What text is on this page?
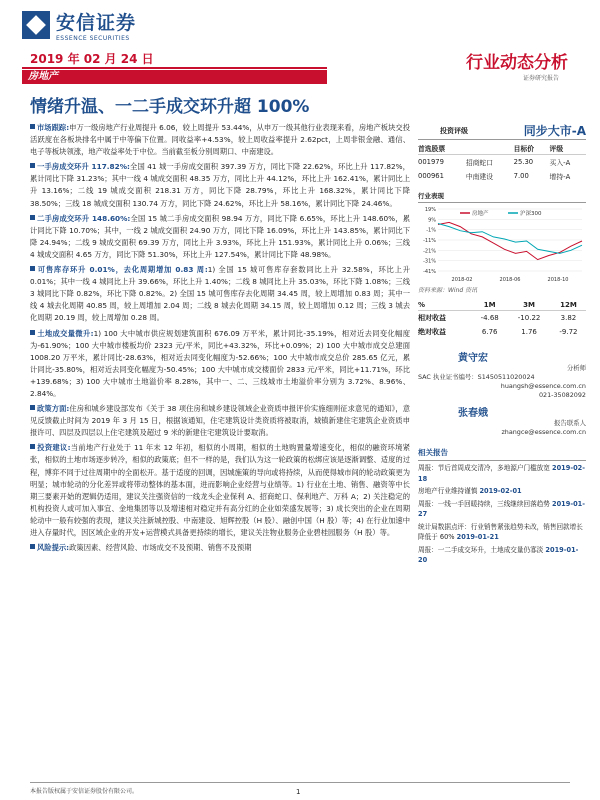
安信证券
ESSENCE SECURITIES
2019 年 02 月 24 日
房地产
行业动态分析
证券研究报告
情绪升温、一二手成交环升超 100%

市场跟踪:申万一级房地产行业周提升 6.06，较上周提升 53.44%，从申万一级其他行业表现来看，房地产板块交投活跃度在各板块排名中属于中等偏下位置。同收益率+4.53%，较上周收益率提升 2.62pct，上周非银金融、通信、电子等板块领涨，地产收益率处于中位。当前截至板分别周期口、中南建设。

一手房成交环升 117.82%:全国 41 城一手房成交面积 397.39 万方，同比下降 22.62%，环比上升 117.82%，累计同比下降 31.23%；其中一线 4 城成交面积 48.35 万方，同比上升 44.12%，环比上升 162.41%，累计同比上升 13.16%；二线 19 城成交面积 218.31 万方，同比下降 28.79%，环比上升 168.32%，累计同比下降 38.50%；三线 18 城成交面积 130.74 万方，同比下降 24.62%，环比上升 58.16%，累计同比下降 24.46%。

二手房成交环升 148.60%:全国 15 城二手房成交面积 98.94 万方，同比下降 6.65%，环比上升 148.60%，累计同比下降 10.70%；其中，一线 2 城成交面积 24.90 万方，同比下降 16.09%，环比上升 143.85%，累计同比下降 24.94%；二线 9 城成交面积 69.39 万方，同比上升 3.93%，环比上升 151.93%，累计同比上升 0.06%；三线 4 城成交面积 4.65 万方，同比下降 51.30%，环比上升 127.54%，累计同比下降 48.98%。

可售库存环升 0.01%，去化周期增加 0.83 周:1) 全国 15 城可售库存套数同比上升 32.58%，环比上升 0.01%；其中一线 4 城同比上升 39.66%，环比上升 1.40%；二线 8 城同比上升 35.03%，环比下降 1.08%；三线 3 城同比下降 0.82%，环比下降 0.82%。2) 全国 15 城可售库存去化周期 34.45 周，较上周增加 0.83 周；其中一线 4 城去化周期 40.85 周，较上周增加 2.04 周；二线 8 城去化周期 34.15 周，较上周增加 0.12 周；三线 3 城去化周期 20.19 周，较上周增加 0.28 周。

土地成交量微升:1) 100 大中城市供应规划建筑面积 676.09 万平米，累计同比-35.19%，相对近去同变化幅度为-61.90%；100 大中城市楼板均价 2323 元/平米，同比+43.32%，环比+0.09%；2) 100 大中城市成交总建面 1008.20 万平米，累计同比-28.63%，相对近去同变化幅度为-52.66%；100 大中城市成交总价 285.65 亿元，累计同比-35.80%，相对近去同变化幅度为-50.45%；100 大中城市成交楼面价 2833 元/平米，同比+11.71%，环比+139.68%；3) 100 大中城市土地溢价率 8.28%，其中一、二、三线城市土地溢价率分别为 3.72%、8.96%、2.84%。

政策方面:住房和城乡建设部发布《关于 38 项住房和城乡建设领域企业资质申报评价实施细则征求意见的通知》，意见反馈截止时间为 2019 年 3 月 15 日，根据该通知，住宅建筑设计类资质将被取消，城镇新建住宅建筑企业资质申报许可、四层及四层以上住宅建筑及超过 9 米的新建住宅建筑设计要取消。

投资建议:当前地产行业处于 11 年末 12 年初，相似的小周期，相似的土地购置量增速变化，相似的融资环境紧张，相似的土地市场逐步转冷，相似的政策底；但不一样的是，我们认为这一轮政策的松绑应该是逐渐调整、适度的过程，博弈不同于过往周期中的全面松开。基于适度的回调，因城施策的导向或将持续，从而使得城市间的轮动政策更为明显；城市轮动的分化差异或将带动整体的基本面，进而影响企业经营与业绩等。1) 行业在土地、销售、融资等中长期三要素开始的逻辑仍适用，建议关注强资信的一线龙头企业保利 A、招商蛇口、保利地产、万科 A；2) 关注稳定的机构投资人或可加入事宜、金地集团等以及增速相对稳定并有高分红的企业如荣盛发展等；3) 成长突出的企业在周期轮动中一般有较强的表现，建议关注新城控股、中南建设、旭辉控股（H 股）、融创中国（H 股）等；4) 在行业加速中进入存量时代，因区域企业的开发+运营模式具备更持续的增长，建议关注物业服务企业碧桂园服务（H 股）等。

风险提示:政策因素、经营风险、市场成交不及预期、销售不及预期

投资评级	同步大市-A
首选股票		目标价	评级
001979	招商蛇口	25.30	买入-A
000961	中南建设	7.00	增持-A
行业表现
19%
9%
-1%
-11%
-21%
-31%
-41%
2018-02	2018-06	2018-10
房地产	沪深300
资料来源：Wind 资讯
%	1M	3M	12M
相对收益	-4.68	-10.22	3.82
绝对收益	6.76	1.76	-9.72
黄守宏
分析师
SAC 执业证书编号：S1450511020024
huangsh@essence.com.cn
021-35082092
张春娥
报告联系人
zhangce@essence.com.cn
相关报告
周报：节后首周成交清冷，多地源户门槛放宽 2019-02-18
房地产行业维持谨慎 2019-02-01
周报：一线一手回暖持续，三线继续回落趋势 2019-01-27
统计局数据点评：行业销售紧张趋势未改，销售回款增长降低于 60% 2019-01-21
周报：一二手成交环升，土地成交量仍寡淡 2019-01-20
本报告版权属于安信证券股份有限公司。	1
